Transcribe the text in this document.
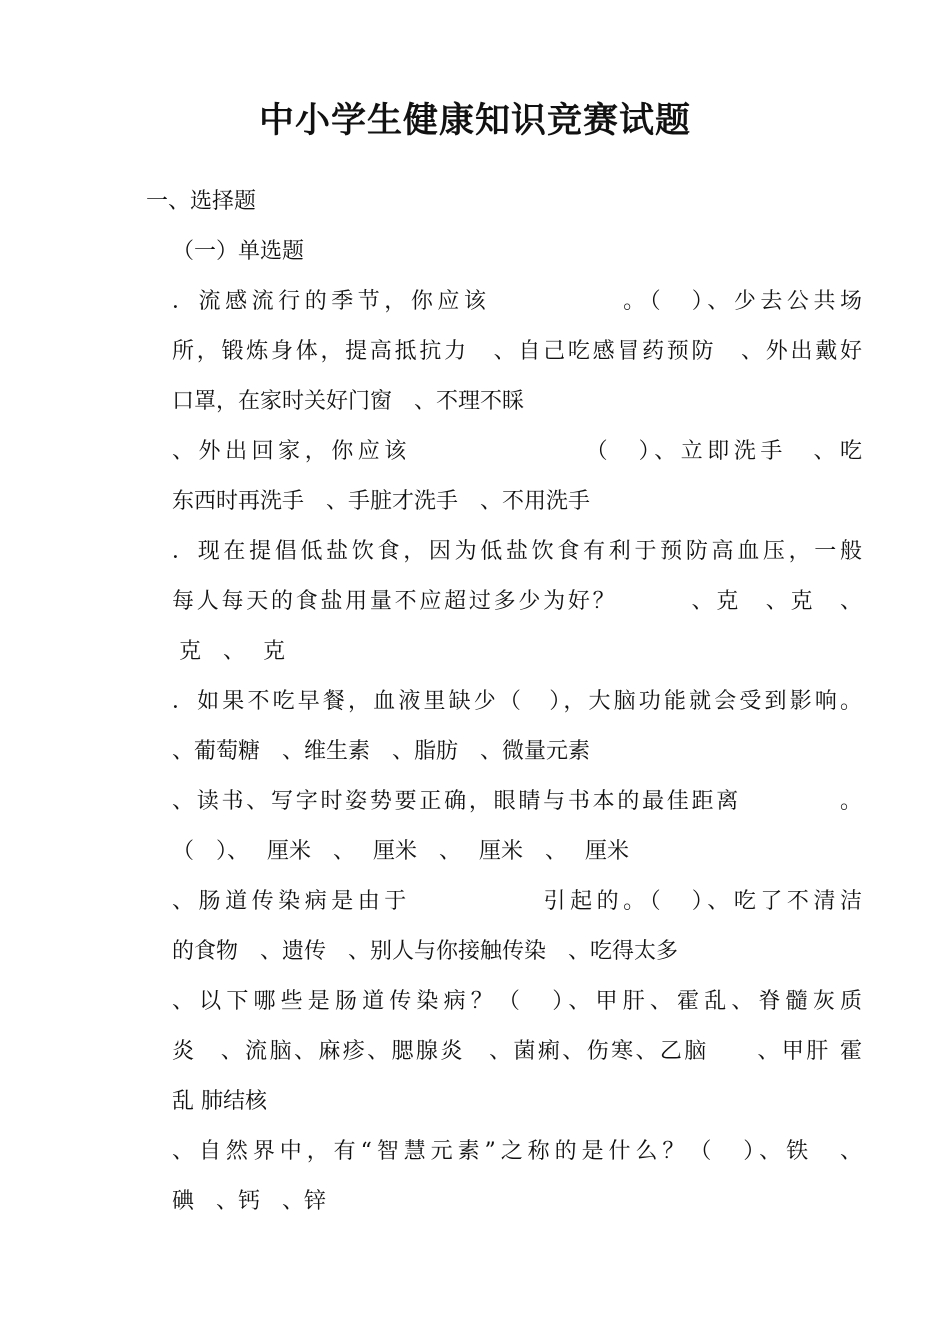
中小学生健康知识竞赛试题

一、选择题

（一）单选题

．流感流行的季节，你应该　　　　　。（　）、少去公共场

所，锻炼身体，提高抵抗力　、自己吃感冒药预防　、外出戴好

口罩，在家时关好门窗　、不理不睬

、外出回家，你应该　　　　　　　（　）、立即洗手　、吃

东西时再洗手　、手脏才洗手　、不用洗手

．现在提倡低盐饮食，因为低盐饮食有利于预防高血压，一般

每人每天的食盐用量不应超过多少为好？　　　、克　、克　、

克　、　 克

．如果不吃早餐，血液里缺少（　），大脑功能就会受到影响。

、葡萄糖　、维生素　、脂肪　、微量元素

、读书、写字时姿势要正确，眼睛与书本的最佳距离　　　　。

（　）、　 厘米　、　 厘米　、　 厘米　、　 厘米

、肠道传染病是由于　　　　　引起的。（　）、吃了不清洁

的食物　、遗传　、别人与你接触传染　、吃得太多

、以下哪些是肠道传染病？（　）、甲肝、霍乱、脊髓灰质

炎　、流脑、麻疹、腮腺炎　、菌痢、伤寒、乙脑　　、甲肝 霍

乱 肺结核

、自然界中，有“智慧元素”之称的是什么？（　）、铁　、

碘　、钙　、锌
